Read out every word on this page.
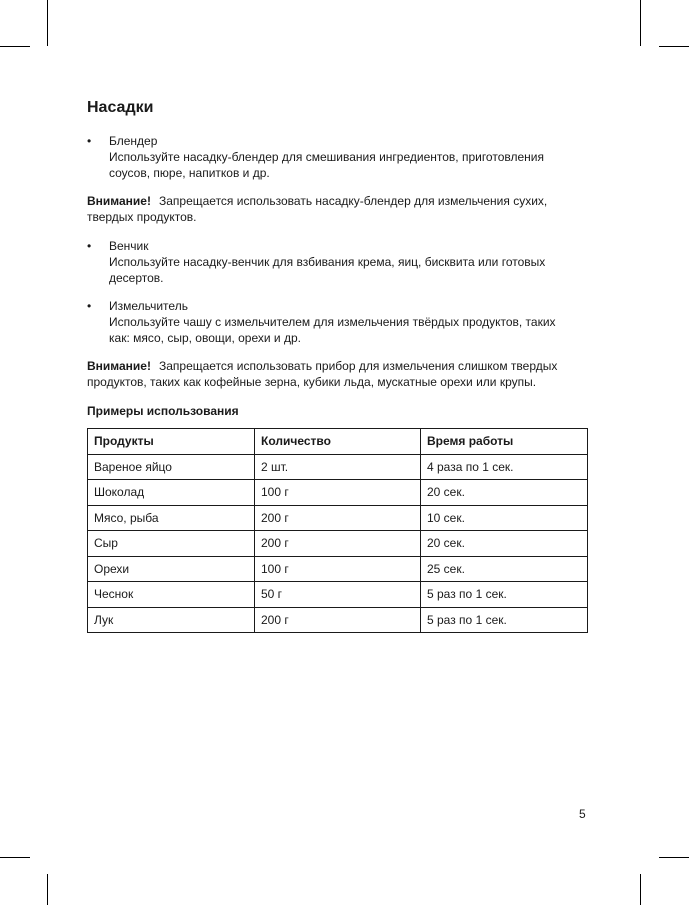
Насадки
• Блендер
Используйте насадку-блендер для смешивания ингредиентов, приготовления соусов, пюре, напитков и др.
Внимание! Запрещается использовать насадку-блендер для измельчения сухих, твердых продуктов.
• Венчик
Используйте насадку-венчик для взбивания крема, яиц, бисквита или готовых десертов.
• Измельчитель
Используйте чашу с измельчителем для измельчения твёрдых продуктов, таких как: мясо, сыр, овощи, орехи и др.
Внимание! Запрещается использовать прибор для измельчения слишком твердых продуктов, таких как кофейные зерна, кубики льда, мускатные орехи или крупы.
Примеры использования
Продукты	Количество	Время работы
Вареное яйцо	2 шт.	4 раза по 1 сек.
Шоколад	100 г	20 сек.
Мясо, рыба	200 г	10 сек.
Сыр	200 г	20 сек.
Орехи	100 г	25 сек.
Чеснок	50 г	5 раз по 1 сек.
Лук	200 г	5 раз по 1 сек.
5
